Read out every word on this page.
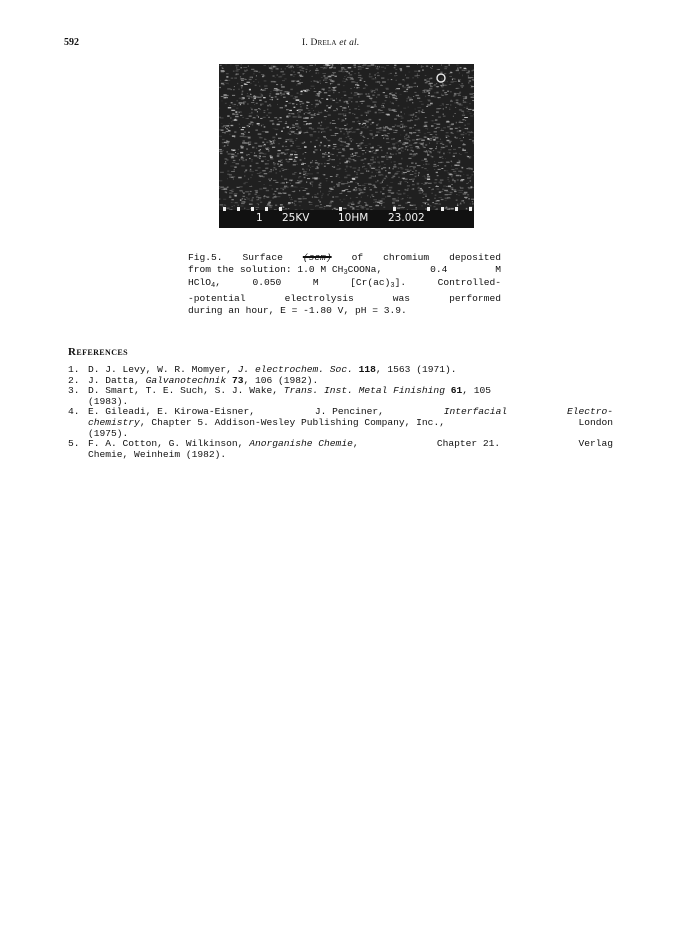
592	I. Drela et al.
1 25KV	10HM 23.002
Fig.5. Surface (sem) of chromium deposited
from the solution: 1.0 M $CH_3COONa$,	0.4	M
HClO$_4$,	0.050	M	$[Cr(ac)_3]$.	Controlled-
-potential	electrolysis	was	performed
during an hour, E = -1.80 V, pH = 3.9.
References
1. D. J. Levy, W. R. Momyer, J. electrochem. Soc. 118, 1563 (1971).
2. J. Datta, Galvanotechnik 73, 106 (1982).
3. D. Smart, T. E. Such, S. J. Wake, Trans. Inst. Metal Finishing 61, 105
(1983).
4. E. Gileadi, E. Kirowa-Eisner,	J. Penciner,	Interfacial	Electro-
chemistry, Chapter 5. Addison-Wesley Publishing Company, Inc.,	London
(1975).
5. F. A. Cotton, G. Wilkinson, Anorganishe Chemie,	Chapter 21.	Verlag
Chemie, Weinheim (1982).
